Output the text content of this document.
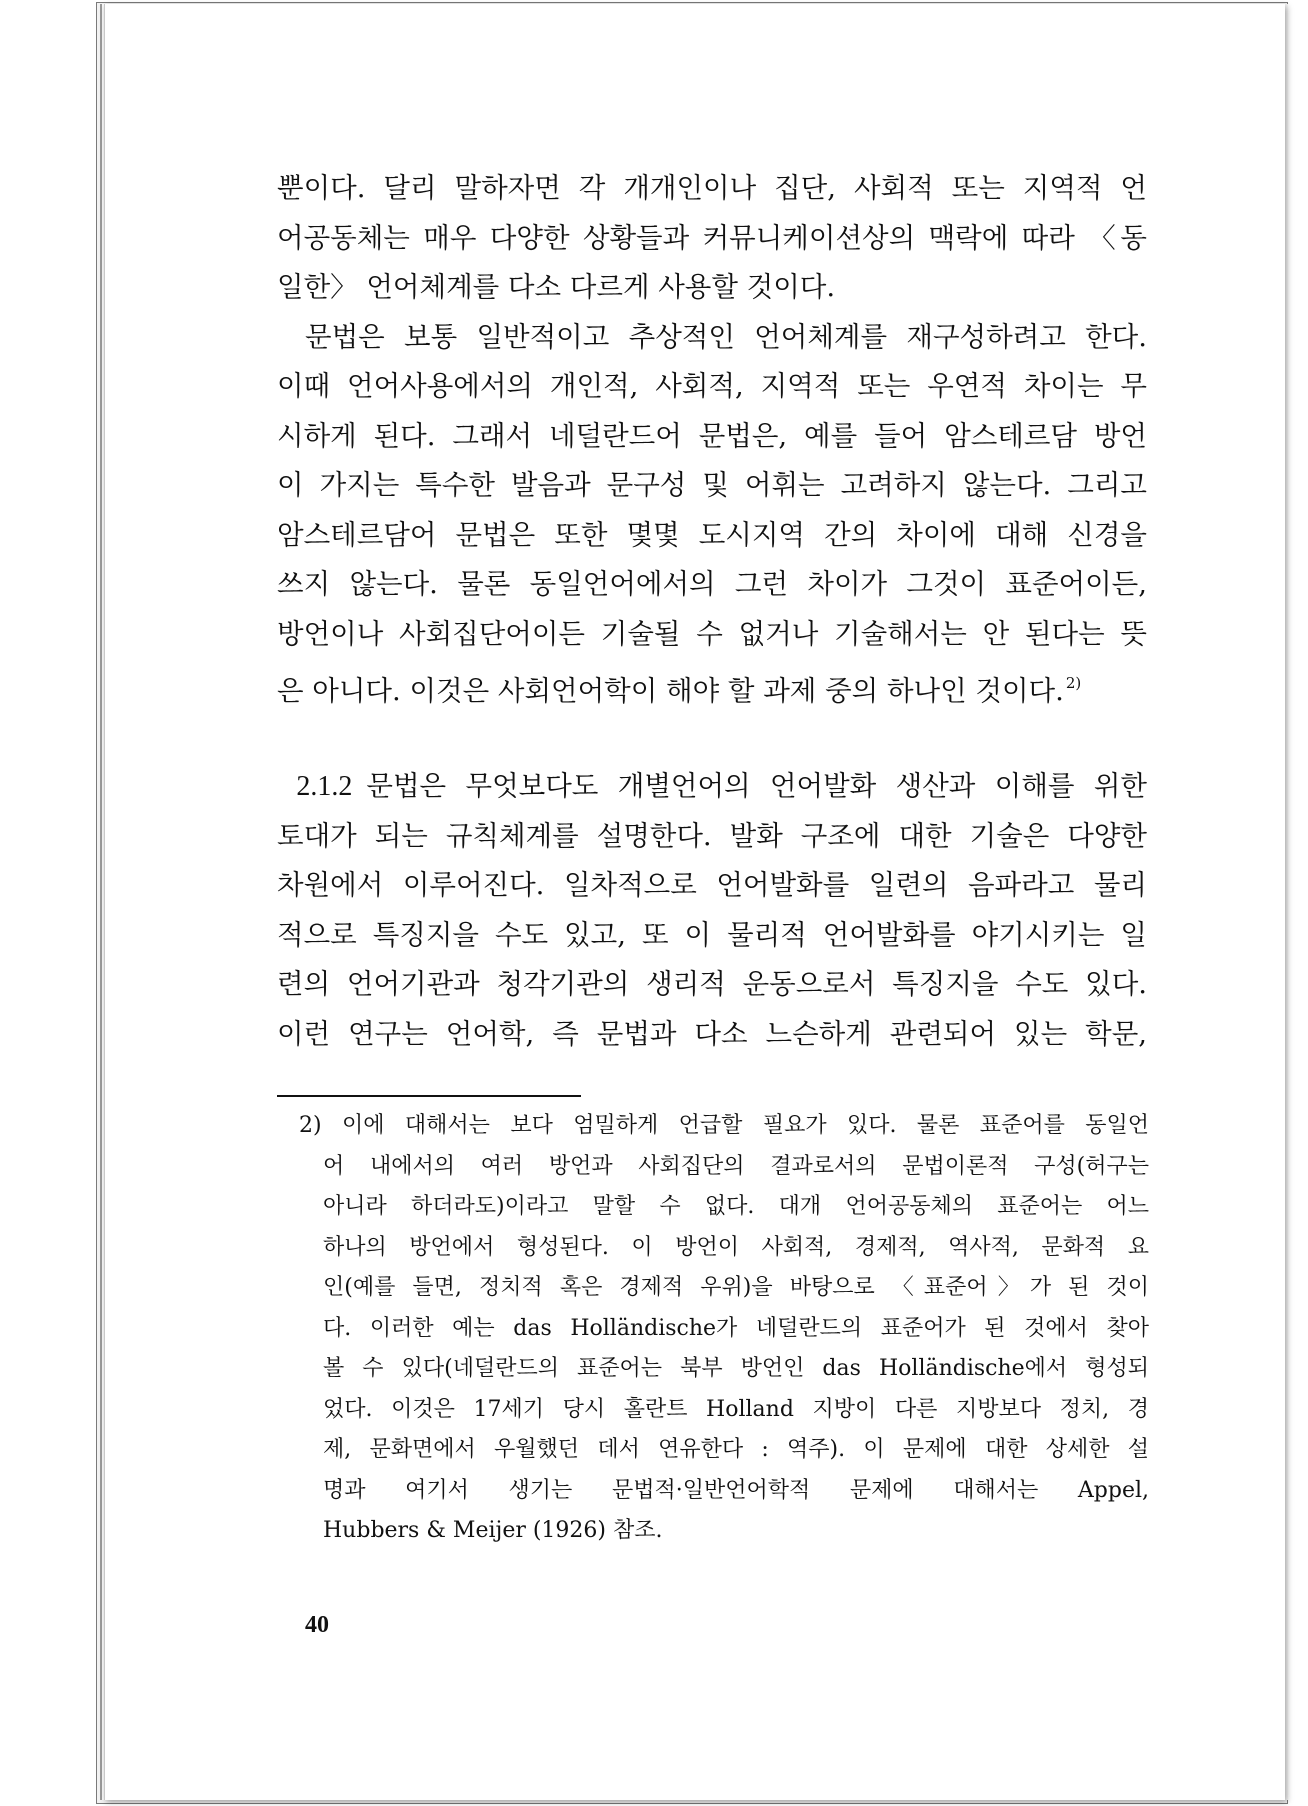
뿐이다. 달리 말하자면 각 개개인이나 집단, 사회적 또는 지역적 언
어공동체는 매우 다양한 상황들과 커뮤니케이션상의 맥락에 따라 〈동
일한〉 언어체계를 다소 다르게 사용할 것이다.

문법은 보통 일반적이고 추상적인 언어체계를 재구성하려고 한다.
이때 언어사용에서의 개인적, 사회적, 지역적 또는 우연적 차이는 무
시하게 된다. 그래서 네덜란드어 문법은, 예를 들어 암스테르담 방언
이 가지는 특수한 발음과 문구성 및 어휘는 고려하지 않는다. 그리고
암스테르담어 문법은 또한 몇몇 도시지역 간의 차이에 대해 신경을
쓰지 않는다. 물론 동일언어에서의 그런 차이가 그것이 표준어이든,
방언이나 사회집단어이든 기술될 수 없거나 기술해서는 안 된다는 뜻
은 아니다. 이것은 사회언어학이 해야 할 과제 중의 하나인 것이다. $^{2)}$

2.1.2 문법은 무엇보다도 개별언어의 언어발화 생산과 이해를 위한
토대가 되는 규칙체계를 설명한다. 발화 구조에 대한 기술은 다양한
차원에서 이루어진다. 일차적으로 언어발화를 일련의 음파라고 물리
적으로 특징지을 수도 있고, 또 이 물리적 언어발화를 야기시키는 일
련의 언어기관과 청각기관의 생리적 운동으로서 특징지을 수도 있다.
이런 연구는 언어학, 즉 문법과 다소 느슨하게 관련되어 있는 학문,

2) 이에 대해서는 보다 엄밀하게 언급할 필요가 있다. 물론 표준어를 동일언
어 내에서의 여러 방언과 사회집단의 결과로서의 문법이론적 구성(허구는
아니라 하더라도)이라고 말할 수 없다. 대개 언어공동체의 표준어는 어느
하나의 방언에서 형성된다. 이 방언이 사회적, 경제적, 역사적, 문화적 요
인(예를 들면, 정치적 혹은 경제적 우위)을 바탕으로 〈표준어〉가 된 것이
다. 이러한 예는 das Holländische가 네덜란드의 표준어가 된 것에서 찾아
볼 수 있다(네덜란드의 표준어는 북부 방언인 das Holländische에서 형성되
었다. 이것은 17세기 당시 홀란트 Holland 지방이 다른 지방보다 정치, 경
제, 문화면에서 우월했던 데서 연유한다 : 역주). 이 문제에 대한 상세한 설
명과 여기서 생기는 문법적·일반언어학적 문제에 대해서는 Appel,
Hubbers & Meijer (1926) 참조.
40
